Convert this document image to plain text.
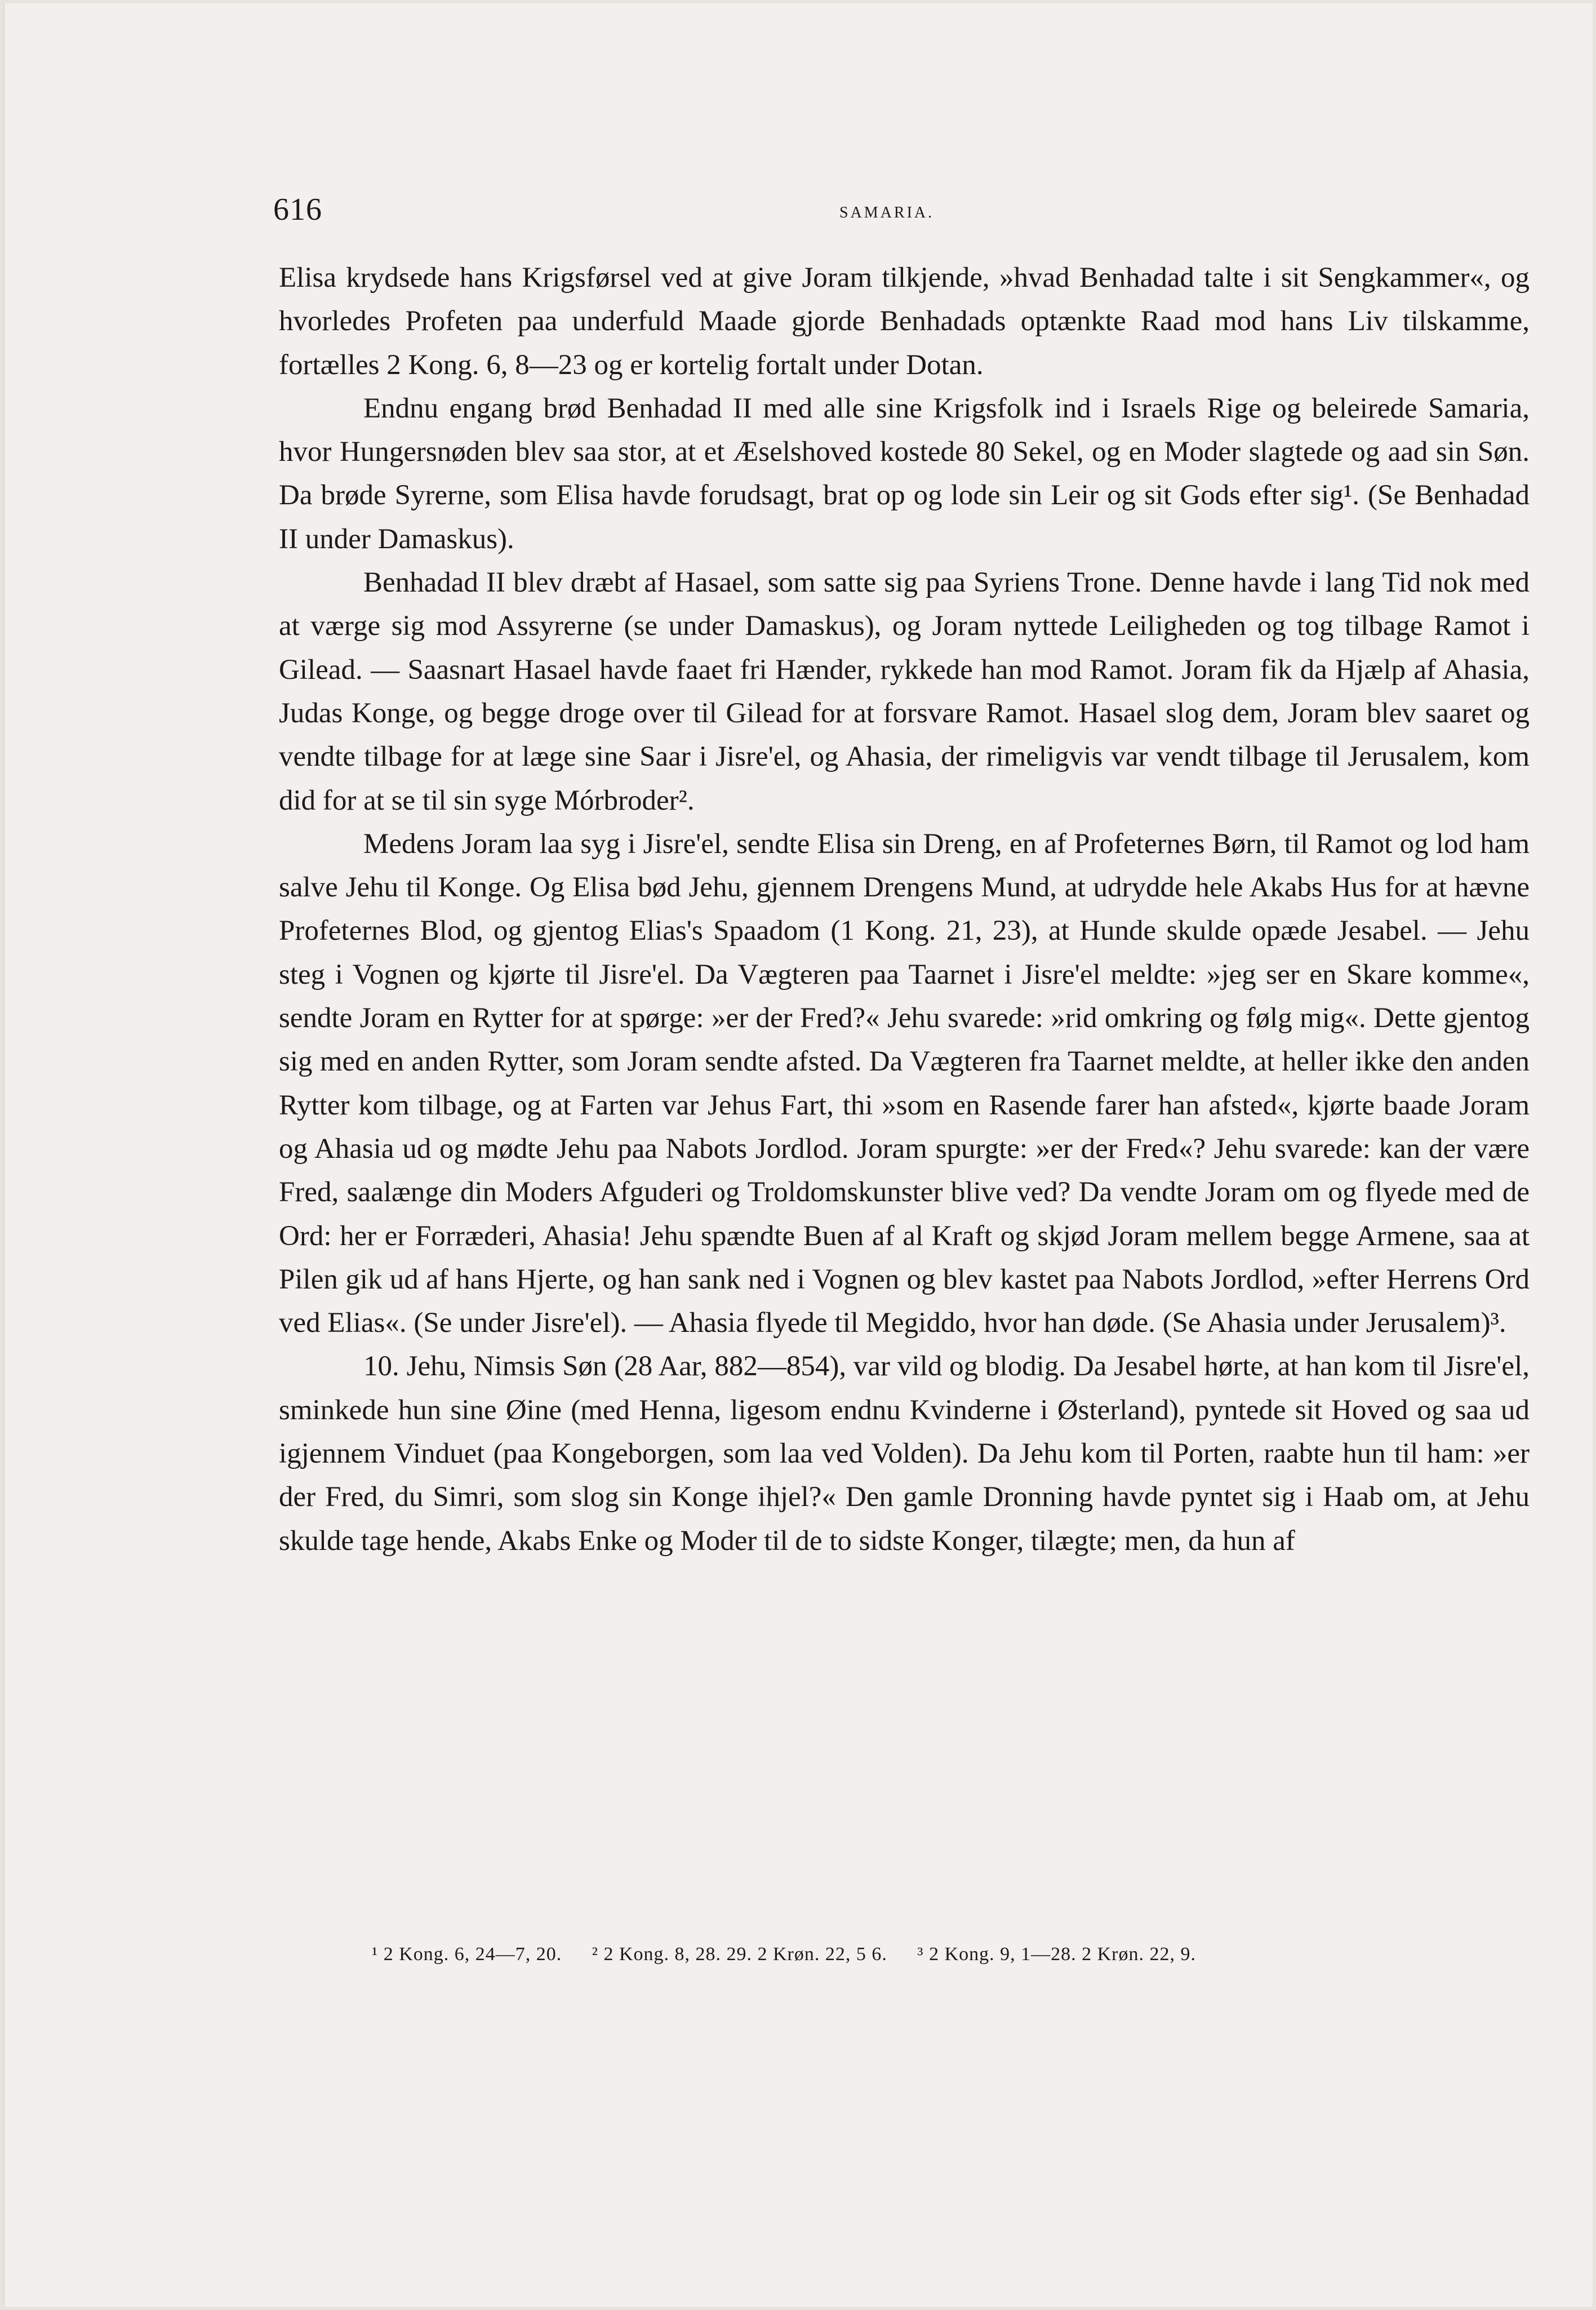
616	SAMARIA.

Elisa krydsede hans Krigsførsel ved at give Joram tilkjende, »hvad Benhadad talte i sit Sengkammer«, og hvorledes Profeten paa underfuld Maade gjorde Benhadads optænkte Raad mod hans Liv tilskamme, fortælles 2 Kong. 6, 8—23 og er kortelig fortalt under Dotan.

Endnu engang brød Benhadad II med alle sine Krigsfolk ind i Israels Rige og beleirede Samaria, hvor Hungersnøden blev saa stor, at et Æselshoved kostede 80 Sekel, og en Moder slagtede og aad sin Søn. Da brøde Syrerne, som Elisa havde forudsagt, brat op og lode sin Leir og sit Gods efter sig¹. (Se Benhadad II under Damaskus).

Benhadad II blev dræbt af Hasael, som satte sig paa Syriens Trone. Denne havde i lang Tid nok med at værge sig mod Assyrerne (se under Damaskus), og Joram nyttede Leiligheden og tog tilbage Ramot i Gilead. — Saasnart Hasael havde faaet fri Hænder, rykkede han mod Ramot. Joram fik da Hjælp af Ahasia, Judas Konge, og begge droge over til Gilead for at forsvare Ramot. Hasael slog dem, Joram blev saaret og vendte tilbage for at læge sine Saar i Jisre'el, og Ahasia, der rimeligvis var vendt tilbage til Jerusalem, kom did for at se til sin syge Mórbroder².

Medens Joram laa syg i Jisre'el, sendte Elisa sin Dreng, en af Profeternes Børn, til Ramot og lod ham salve Jehu til Konge. Og Elisa bød Jehu, gjennem Drengens Mund, at udrydde hele Akabs Hus for at hævne Profeternes Blod, og gjentog Elias's Spaadom (1 Kong. 21, 23), at Hunde skulde opæde Jesabel. — Jehu steg i Vognen og kjørte til Jisre'el. Da Vægteren paa Taarnet i Jisre'el meldte: »jeg ser en Skare komme«, sendte Joram en Rytter for at spørge: »er der Fred?« Jehu svarede: »rid omkring og følg mig«. Dette gjentog sig med en anden Rytter, som Joram sendte afsted. Da Vægteren fra Taarnet meldte, at heller ikke den anden Rytter kom tilbage, og at Farten var Jehus Fart, thi »som en Rasende farer han afsted«, kjørte baade Joram og Ahasia ud og mødte Jehu paa Nabots Jordlod. Joram spurgte: »er der Fred«? Jehu svarede: kan der være Fred, saalænge din Moders Afguderi og Troldomskunster blive ved? Da vendte Joram om og flyede med de Ord: her er Forræderi, Ahasia! Jehu spændte Buen af al Kraft og skjød Joram mellem begge Armene, saa at Pilen gik ud af hans Hjerte, og han sank ned i Vognen og blev kastet paa Nabots Jordlod, »efter Herrens Ord ved Elias«. (Se under Jisre'el). — Ahasia flyede til Megiddo, hvor han døde. (Se Ahasia under Jerusalem)³.

10. Jehu, Nimsis Søn (28 Aar, 882—854), var vild og blodig. Da Jesabel hørte, at han kom til Jisre'el, sminkede hun sine Øine (med Henna, ligesom endnu Kvinderne i Østerland), pyntede sit Hoved og saa ud igjennem Vinduet (paa Kongeborgen, som laa ved Volden). Da Jehu kom til Porten, raabte hun til ham: »er der Fred, du Simri, som slog sin Konge ihjel?« Den gamle Dronning havde pyntet sig i Haab om, at Jehu skulde tage hende, Akabs Enke og Moder til de to sidste Konger, tilægte; men, da hun af

¹ 2 Kong. 6, 24—7, 20. ² 2 Kong. 8, 28. 29. 2 Krøn. 22, 5 6. ³ 2 Kong. 9, 1—28. 2 Krøn. 22, 9.
